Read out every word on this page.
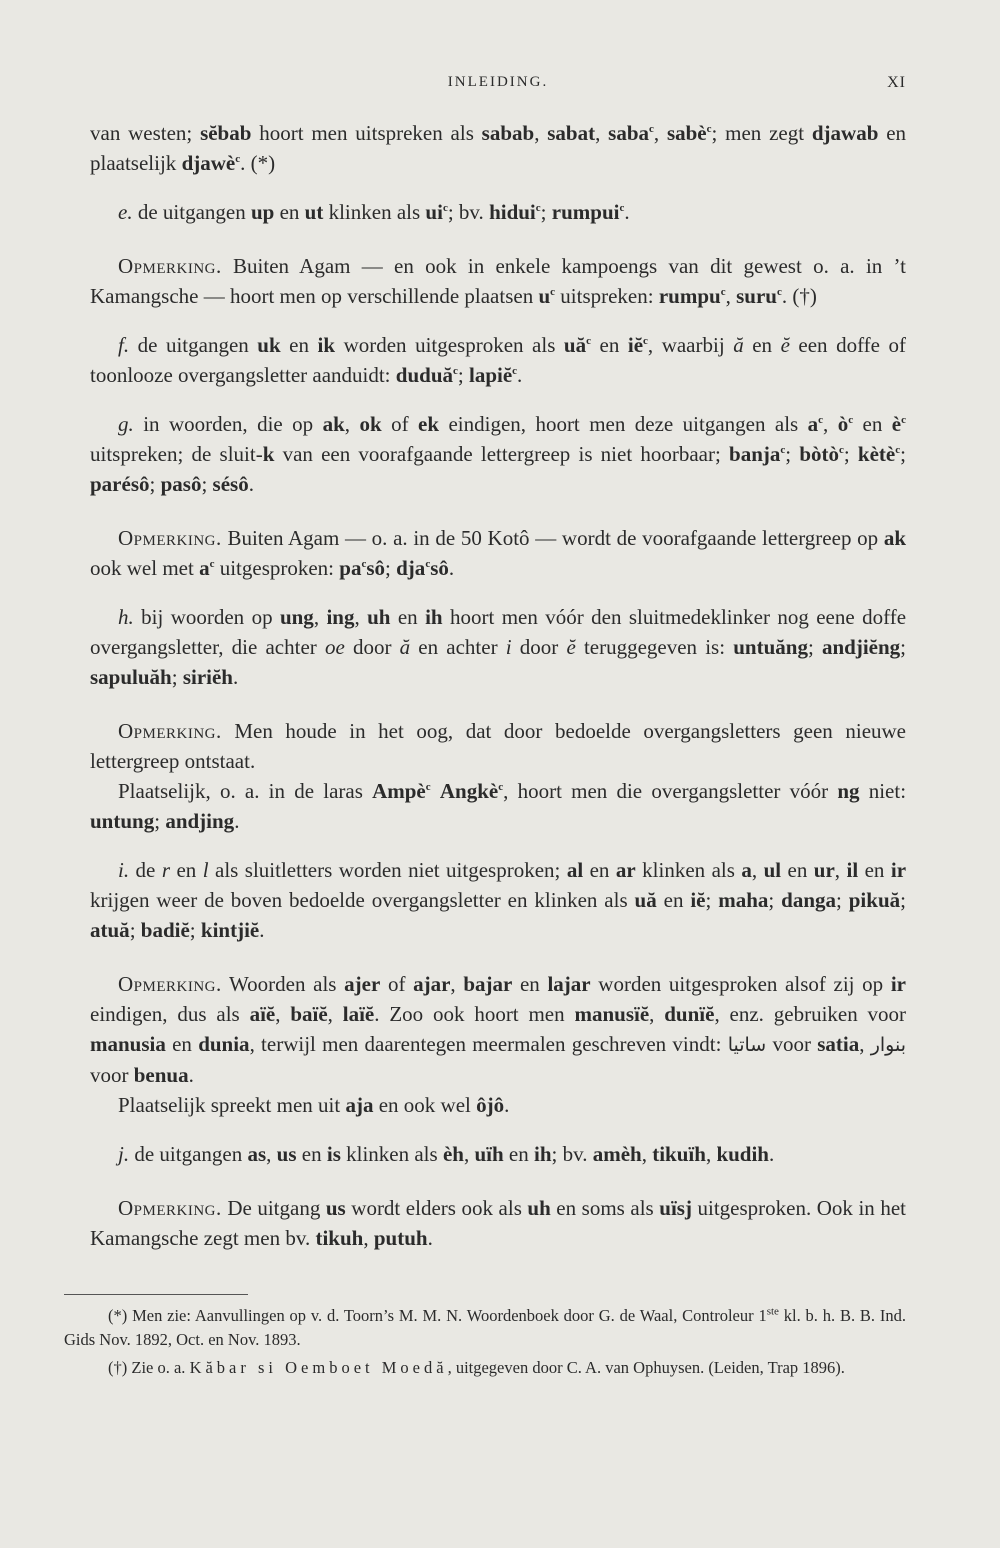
INLEIDING.	XI

van westen; sĕbab hoort men uitspreken als sabab, sabat, saba$^c$, sabè$^c$; men zegt djawab en plaatselijk djawè$^c$. (*)

e. de uitgangen up en ut klinken als $ui^c$; bv. hidui$^c$; rumpui$^c$.

Opmerking. Buiten Agam — en ook in enkele kampoengs van dit gewest o. a. in ’t Kamangsche — hoort men op verschillende plaatsen $u^c$ uitspreken: rumpu$^c$, suru$^c$. (†)

f. de uitgangen uk en ik worden uitgesproken als $uă^c$ en $iĕ^c$, waarbij ă en ĕ een doffe of toonlooze overgangsletter aanduidt: duduă$^c$; lapiĕ$^c$.

g. in woorden, die op ak, ok of ek eindigen, hoort men deze uitgangen als $a^c$, $ò^c$ en $è^c$ uitspreken; de sluit-k van een voorafgaande lettergreep is niet hoorbaar; banja$^c$; bòtò$^c$; kètè$^c$; parésô; pasô; sésô.

Opmerking. Buiten Agam — o. a. in de 50 Kotô — wordt de voorafgaande lettergreep op ak ook wel met $a^c$ uitgesproken: $pa^csô$; dja$^c$sô.

h. bij woorden op ung, ing, uh en ih hoort men vóór den sluitmedeklinker nog eene doffe overgangsletter, die achter oe door ă en achter i door ĕ teruggegeven is: untuăng; andjiĕng; sapuluăh; siriĕh.

Opmerking. Men houde in het oog, dat door bedoelde overgangsletters geen nieuwe lettergreep ontstaat.

Plaatselijk, o. a. in de laras Ampè$^c$ Angkè$^c$, hoort men die overgangsletter vóór ng niet: untung; andjing.

i. de r en l als sluitletters worden niet uitgesproken; al en ar klinken als a, ul en ur, il en ir krijgen weer de boven bedoelde overgangsletter en klinken als uă en iĕ; maha; danga; pikuă; atuă; badiĕ; kintjiĕ.

Opmerking. Woorden als ajer of ajar, bajar en lajar worden uitgesproken alsof zij op ir eindigen, dus als aïĕ, baïĕ, laïĕ. Zoo ook hoort men manusïĕ, dunïĕ, enz. gebruiken voor manusia en dunia, terwijl men daarentegen meermalen geschreven vindt: ساتيا voor satia, بنوار voor benua.

Plaatselijk spreekt men uit aja en ook wel ôjô.

j. de uitgangen as, us en is klinken als èh, uïh en ih; bv. amèh, tikuïh, kudih.

Opmerking. De uitgang us wordt elders ook als uh en soms als uïsj uitgesproken. Ook in het Kamangsche zegt men bv. tikuh, putuh.

(*) Men zie: Aanvullingen op v. d. Toorn’s M. M. N. Woordenboek door G. de Waal, Controleur 1ste kl. b. h. B. B. Ind. Gids Nov. 1892, Oct. en Nov. 1893.

(†) Zie o. a. Kăbar si Oemboet Moedă, uitgegeven door C. A. van Ophuysen. (Leiden, Trap 1896).
